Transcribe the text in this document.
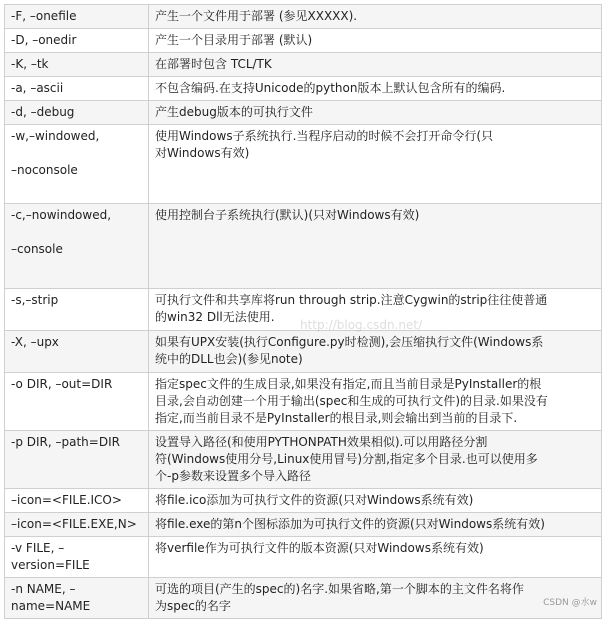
-F, –onefile	产生一个文件用于部署 (参见XXXXX).

-D, –onedir	产生一个目录用于部署 (默认)

-K, –tk	在部署时包含 TCL/TK

-a, –ascii	不包含编码.在支持Unicode的python版本上默认包含所有的编码.

-d, –debug	产生debug版本的可执行文件

-w,–windowed,
–noconsole	使用Windows子系统执行.当程序启动的时候不会打开命令行(只
对Windows有效)

-c,–nowindowed,
–console	使用控制台子系统执行(默认)(只对Windows有效)

-s,–strip	可执行文件和共享库将run through strip.注意Cygwin的strip往往使普通
的win32 Dll无法使用.

-X, –upx	如果有UPX安装(执行Configure.py时检测),会压缩执行文件(Windows系
统中的DLL也会)(参见note)

-o DIR, –out=DIR	指定spec文件的生成目录,如果没有指定,而且当前目录是PyInstaller的根
目录,会自动创建一个用于输出(spec和生成的可执行文件)的目录.如果没有
指定,而当前目录不是PyInstaller的根目录,则会输出到当前的目录下.

-p DIR, –path=DIR	设置导入路径(和使用PYTHONPATH效果相似).可以用路径分割
符(Windows使用分号,Linux使用冒号)分割,指定多个目录.也可以使用多
个-p参数来设置多个导入路径

–icon=<FILE.ICO>	将file.ico添加为可执行文件的资源(只对Windows系统有效)

–icon=<FILE.EXE,N>	将file.exe的第n个图标添加为可执行文件的资源(只对Windows系统有效)

-v FILE, –
version=FILE	将verfile作为可执行文件的版本资源(只对Windows系统有效)

-n NAME, –
name=NAME	可选的项目(产生的spec的)名字.如果省略,第一个脚本的主文件名将作
为spec的名字
http://blog.csdn.net/
CSDN @水w
